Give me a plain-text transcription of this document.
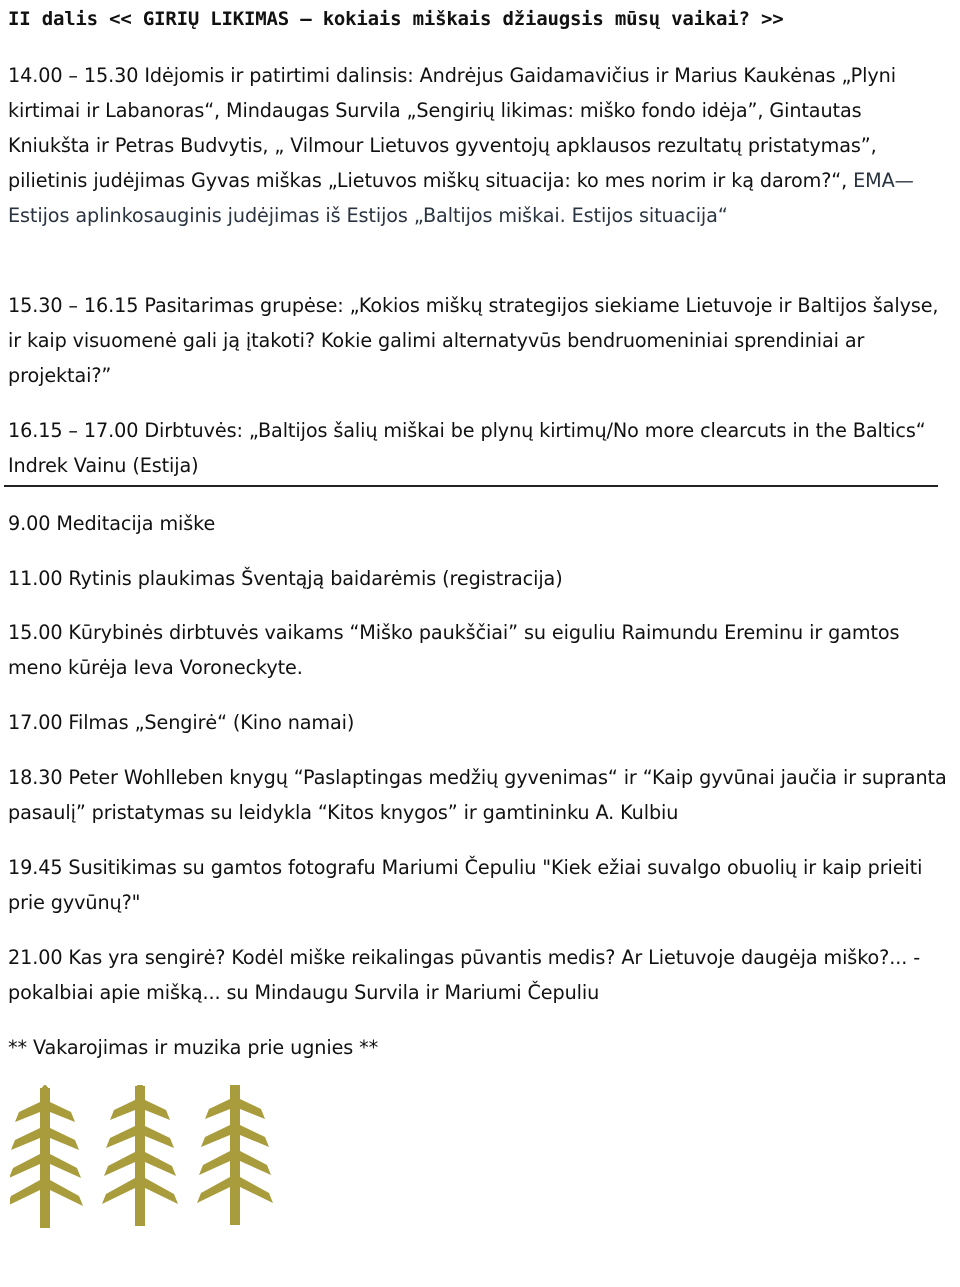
II dalis << GIRIŲ LIKIMAS – kokiais miškais džiaugsis mūsų vaikai? >>
14.00 – 15.30 Idėjomis ir patirtimi dalinsis: Andrėjus Gaidamavičius ir Marius Kaukėnas „Plyni kirtimai ir Labanoras“, Mindaugas Survila „Sengirių likimas: miško fondo idėja”, Gintautas Kniukšta ir Petras Budvytis, „ Vilmour Lietuvos gyventojų apklausos rezultatų pristatymas”, pilietinis judėjimas Gyvas miškas „Lietuvos miškų situacija: ko mes norim ir ką darom?“, EMA— Estijos aplinkosauginis judėjimas iš Estijos „Baltijos miškai. Estijos situacija“
15.30 – 16.15 Pasitarimas grupėse: „Kokios miškų strategijos siekiame Lietuvoje ir Baltijos šalyse, ir kaip visuomenė gali ją įtakoti? Kokie galimi alternatyvūs bendruomeniniai sprendiniai ar projektai?”
16.15 – 17.00 Dirbtuvės: „Baltijos šalių miškai be plynų kirtimų/No more clearcuts in the Baltics“ Indrek Vainu (Estija)
9.00 Meditacija miške
11.00 Rytinis plaukimas Šventąją baidarėmis (registracija)
15.00 Kūrybinės dirbtuvės vaikams “Miško paukščiai” su eiguliu Raimundu Ereminu ir gamtos meno kūrėja Ieva Voroneckyte.
17.00 Filmas „Sengirė“ (Kino namai)
18.30 Peter Wohlleben knygų “Paslaptingas medžių gyvenimas“ ir “Kaip gyvūnai jaučia ir supranta pasaulį” pristatymas su leidykla “Kitos knygos” ir gamtininku A. Kulbiu
19.45 Susitikimas su gamtos fotografu Mariumi Čepuliu "Kiek ežiai suvalgo obuolių ir kaip prieiti prie gyvūnų?"
21.00 Kas yra sengirė? Kodėl miške reikalingas pūvantis medis? Ar Lietuvoje daugėja miško?... - pokalbiai apie mišką... su Mindaugu Survila ir Mariumi Čepuliu
** Vakarojimas ir muzika prie ugnies **
